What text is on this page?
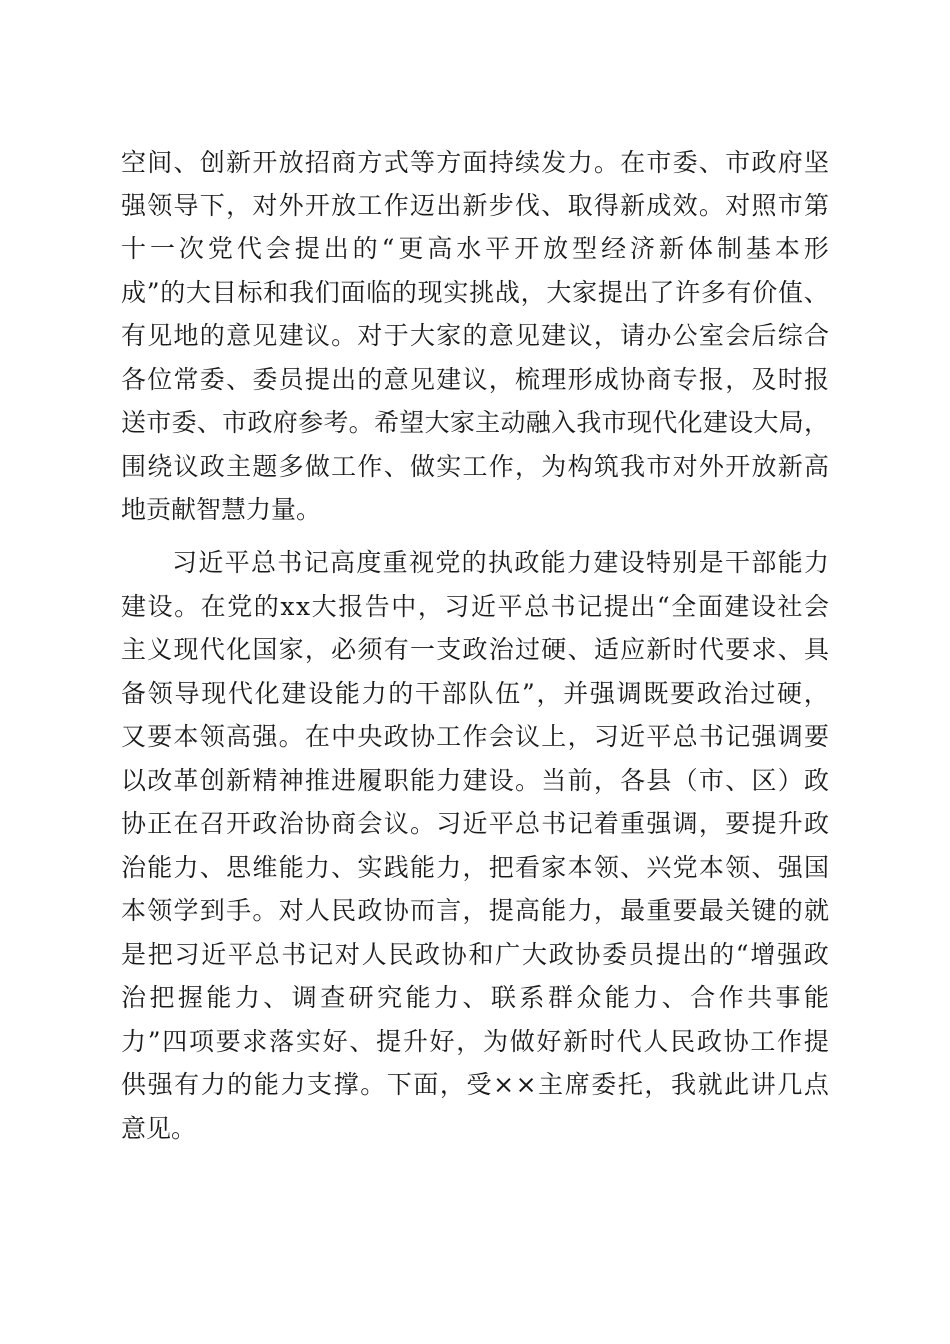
空间、创新开放招商方式等方面持续发力。在市委、市政府坚
强领导下，对外开放工作迈出新步伐、取得新成效。对照市第
十一次党代会提出的“更高水平开放型经济新体制基本形
成”的大目标和我们面临的现实挑战，大家提出了许多有价值、
有见地的意见建议。对于大家的意见建议，请办公室会后综合
各位常委、委员提出的意见建议，梳理形成协商专报，及时报
送市委、市政府参考。希望大家主动融入我市现代化建设大局，
围绕议政主题多做工作、做实工作，为构筑我市对外开放新高
地贡献智慧力量。
习近平总书记高度重视党的执政能力建设特别是干部能力
建设。在党的xx大报告中，习近平总书记提出“全面建设社会
主义现代化国家，必须有一支政治过硬、适应新时代要求、具
备领导现代化建设能力的干部队伍”，并强调既要政治过硬，
又要本领高强。在中央政协工作会议上，习近平总书记强调要
以改革创新精神推进履职能力建设。当前，各县（市、区）政
协正在召开政治协商会议。习近平总书记着重强调，要提升政
治能力、思维能力、实践能力，把看家本领、兴党本领、强国
本领学到手。对人民政协而言，提高能力，最重要最关键的就
是把习近平总书记对人民政协和广大政协委员提出的“增强政
治把握能力、调查研究能力、联系群众能力、合作共事能
力”四项要求落实好、提升好，为做好新时代人民政协工作提
供强有力的能力支撑。下面，受××主席委托，我就此讲几点
意见。
